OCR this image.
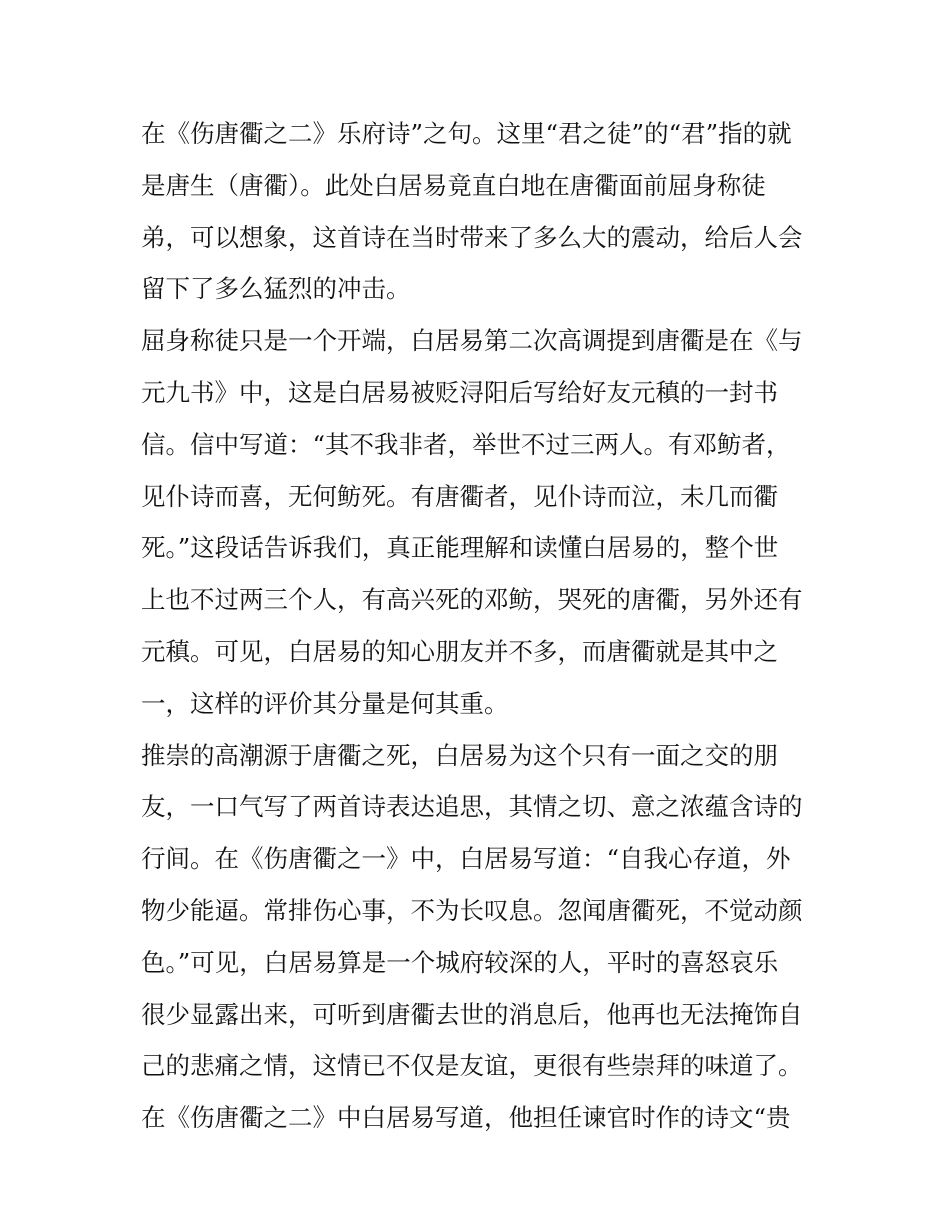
在《伤唐衢之二》乐府诗”之句。这里“君之徒”的“君”指的就
是唐生（唐衢）。此处白居易竟直白地在唐衢面前屈身称徒
弟，可以想象，这首诗在当时带来了多么大的震动，给后人会
留下了多么猛烈的冲击。
屈身称徒只是一个开端，白居易第二次高调提到唐衢是在《与
元九书》中，这是白居易被贬浔阳后写给好友元稹的一封书
信。信中写道：“其不我非者，举世不过三两人。有邓鲂者，
见仆诗而喜，无何鲂死。有唐衢者，见仆诗而泣，未几而衢
死。”这段话告诉我们，真正能理解和读懂白居易的，整个世
上也不过两三个人，有高兴死的邓鲂，哭死的唐衢，另外还有
元稹。可见，白居易的知心朋友并不多，而唐衢就是其中之
一，这样的评价其分量是何其重。
推崇的高潮源于唐衢之死，白居易为这个只有一面之交的朋
友，一口气写了两首诗表达追思，其情之切、意之浓蕴含诗的
行间。在《伤唐衢之一》中，白居易写道：“自我心存道，外
物少能逼。常排伤心事，不为长叹息。忽闻唐衢死，不觉动颜
色。”可见，白居易算是一个城府较深的人，平时的喜怒哀乐
很少显露出来，可听到唐衢去世的消息后，他再也无法掩饰自
己的悲痛之情，这情已不仅是友谊，更很有些崇拜的味道了。
在《伤唐衢之二》中白居易写道，他担任谏官时作的诗文“贵
